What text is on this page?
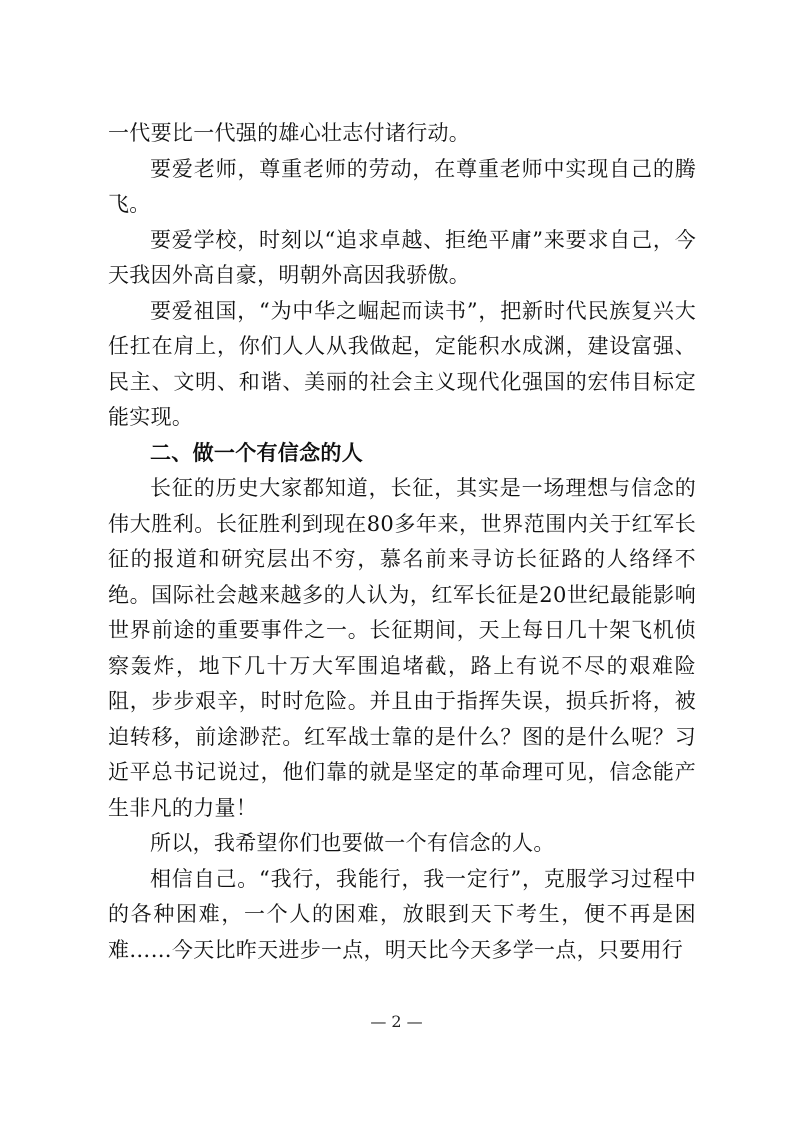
一代要比一代强的雄心壮志付诸行动。

要爱老师，尊重老师的劳动，在尊重老师中实现自己的腾飞。

要爱学校，时刻以“追求卓越、拒绝平庸”来要求自己，今天我因外高自豪，明朝外高因我骄傲。

要爱祖国，“为中华之崛起而读书”，把新时代民族复兴大任扛在肩上，你们人人从我做起，定能积水成渊，建设富强、民主、文明、和谐、美丽的社会主义现代化强国的宏伟目标定能实现。

二、做一个有信念的人

长征的历史大家都知道，长征，其实是一场理想与信念的伟大胜利。长征胜利到现在80多年来，世界范围内关于红军长征的报道和研究层出不穷，慕名前来寻访长征路的人络绎不绝。国际社会越来越多的人认为，红军长征是20世纪最能影响世界前途的重要事件之一。长征期间，天上每日几十架飞机侦察轰炸，地下几十万大军围追堵截，路上有说不尽的艰难险阻，步步艰辛，时时危险。并且由于指挥失误，损兵折将，被迫转移，前途渺茫。红军战士靠的是什么？图的是什么呢？习近平总书记说过，他们靠的就是坚定的革命理可见，信念能产生非凡的力量！

所以，我希望你们也要做一个有信念的人。

相信自己。“我行，我能行，我一定行”，克服学习过程中的各种困难，一个人的困难，放眼到天下考生，便不再是困难……今天比昨天进步一点，明天比今天多学一点，只要用行

— 2 —
